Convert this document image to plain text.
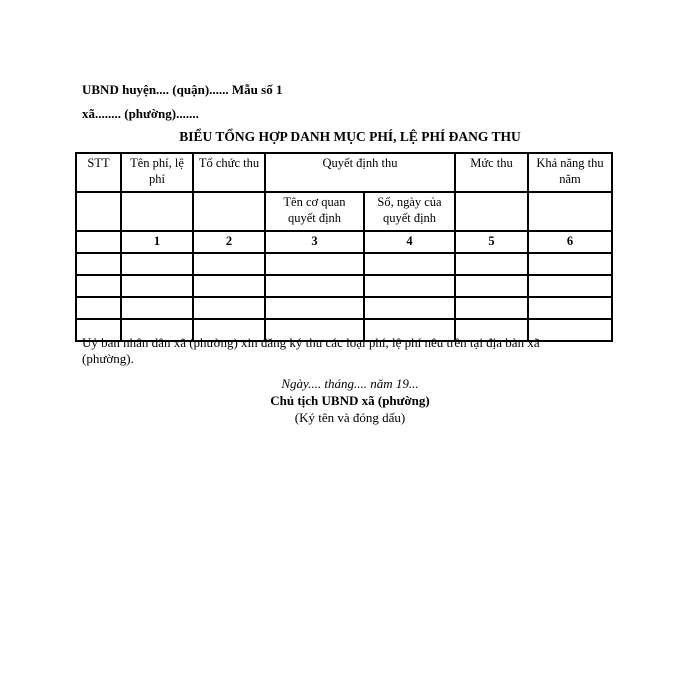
UBND huyện.... (quận)...... Mẫu số 1
xã........ (phường).......
BIỂU TỔNG HỢP DANH MỤC PHÍ, LỆ PHÍ ĐANG THU
STT	Tên phí, lệ phí	Tổ chức thu	Quyết định thu		Mức thu	Khả năng thu năm
			Tên cơ quan quyết định	Số, ngày của quyết định		
	1	2	3	4	5	6

Uỷ ban nhân dân xã (phường) xin đăng ký thu các loại phí, lệ phí nêu trên tại địa bàn xã (phường).
Ngày.... tháng.... năm 19...
Chủ tịch UBND xã (phường)
(Ký tên và đóng dấu)
